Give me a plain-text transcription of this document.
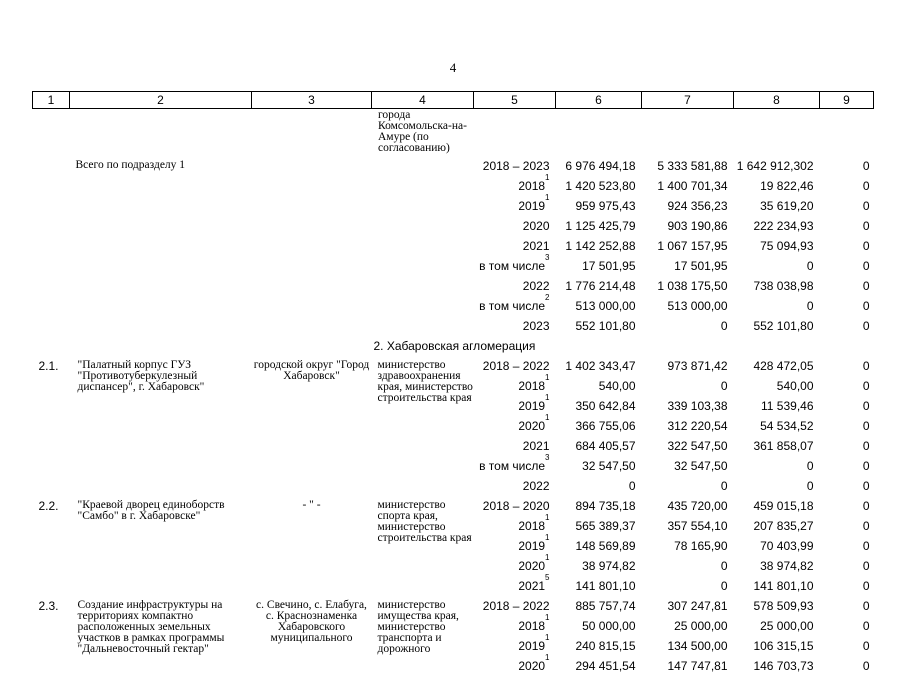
4
города Комсомольска-на-Амуре (по согласованию)
1	2	3	4	5	6	7	8	9

	Всего по подразделу 1			2018 – 2023	6 976 494,18	5 333 581,88	1 642 912,302	0
				2018$^1$	1 420 523,80	1 400 701,34	19 822,46	0
				2019$^1$	959 975,43	924 356,23	35 619,20	0
				2020	1 125 425,79	903 190,86	222 234,93	0
				2021	1 142 252,88	1 067 157,95	75 094,93	0
				в том числе$^3$	17 501,95	17 501,95	0	0
				2022	1 776 214,48	1 038 175,50	738 038,98	0
				в том числе$^2$	513 000,00	513 000,00	0	0
				2023	552 101,80	0	552 101,80	0
			2. Хабаровская агломерация					
2.1.	"Палатный корпус ГУЗ "Противотуберкулезный диспансер", г. Хабаровск"	городской округ "Город Хабаровск"	министерство здравоохранения края, министерство строительства края	2018 – 2022	1 402 343,47	973 871,42	428 472,05	0
				2018$^1$	540,00	0	540,00	0
				2019$^1$	350 642,84	339 103,38	11 539,46	0
				2020$^1$	366 755,06	312 220,54	54 534,52	0
				2021	684 405,57	322 547,50	361 858,07	0
				в том числе$^3$	32 547,50	32 547,50	0	0
				2022	0	0	0	0
2.2.	"Краевой дворец единоборств "Самбо" в г. Хабаровске"	- " -	министерство спорта края, министерство строительства края	2018 – 2020	894 735,18	435 720,00	459 015,18	0
				2018$^1$	565 389,37	357 554,10	207 835,27	0
				2019$^1$	148 569,89	78 165,90	70 403,99	0
				2020$^1$	38 974,82	0	38 974,82	0
				2021$^5$	141 801,10	0	141 801,10	0
2.3.	Создание инфраструктуры на территориях компактно расположенных земельных участков в рамках программы "Дальневосточный гектар"	с. Свечино, с. Елабуга, с. Краснознаменка Хабаровского муниципального	министерство имущества края, министерство транспорта и дорожного	2018 – 2022	885 757,74	307 247,81	578 509,93	0
				2018$^1$	50 000,00	25 000,00	25 000,00	0
				2019$^1$	240 815,15	134 500,00	106 315,15	0
				2020$^1$	294 451,54	147 747,81	146 703,73	0
